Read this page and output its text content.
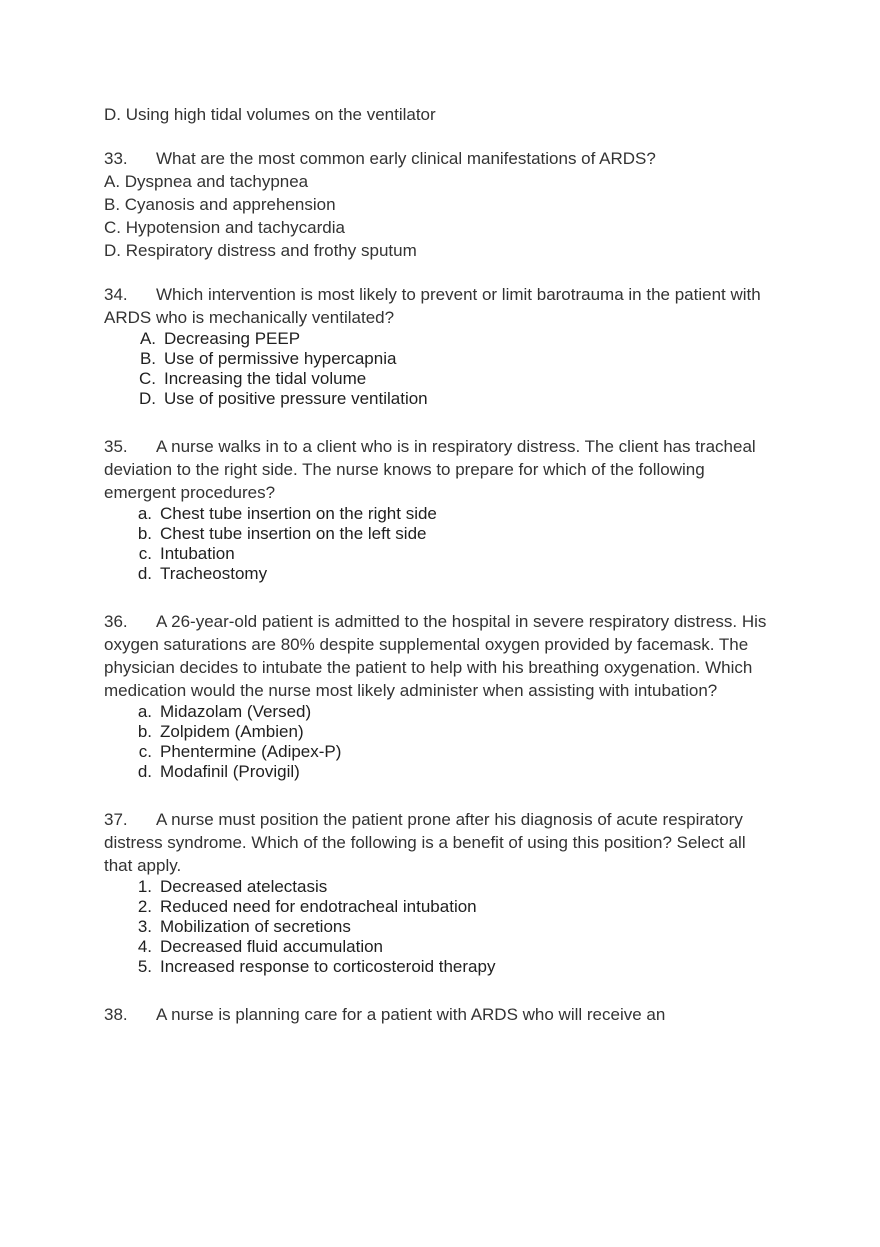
D. Using high tidal volumes on the ventilator

33. What are the most common early clinical manifestations of ARDS?

A. Dyspnea and tachypnea

B. Cyanosis and apprehension

C. Hypotension and tachycardia

D. Respiratory distress and frothy sputum

34. Which intervention is most likely to prevent or limit barotrauma in the patient with

ARDS who is mechanically ventilated?

A. Decreasing PEEP
B. Use of permissive hypercapnia
C. Increasing the tidal volume
D. Use of positive pressure ventilation

35. A nurse walks in to a client who is in respiratory distress. The client has tracheal

deviation to the right side. The nurse knows to prepare for which of the following

emergent procedures?

a. Chest tube insertion on the right side
b. Chest tube insertion on the left side
c. Intubation
d. Tracheostomy

36. A 26-year-old patient is admitted to the hospital in severe respiratory distress. His

oxygen saturations are 80% despite supplemental oxygen provided by facemask. The

physician decides to intubate the patient to help with his breathing oxygenation. Which

medication would the nurse most likely administer when assisting with intubation?

a. Midazolam (Versed)
b. Zolpidem (Ambien)
c. Phentermine (Adipex-P)
d. Modafinil (Provigil)

37. A nurse must position the patient prone after his diagnosis of acute respiratory

distress syndrome. Which of the following is a benefit of using this position? Select all

that apply.

1. Decreased atelectasis
2. Reduced need for endotracheal intubation
3. Mobilization of secretions
4. Decreased fluid accumulation
5. Increased response to corticosteroid therapy

38. A nurse is planning care for a patient with ARDS who will receive an
